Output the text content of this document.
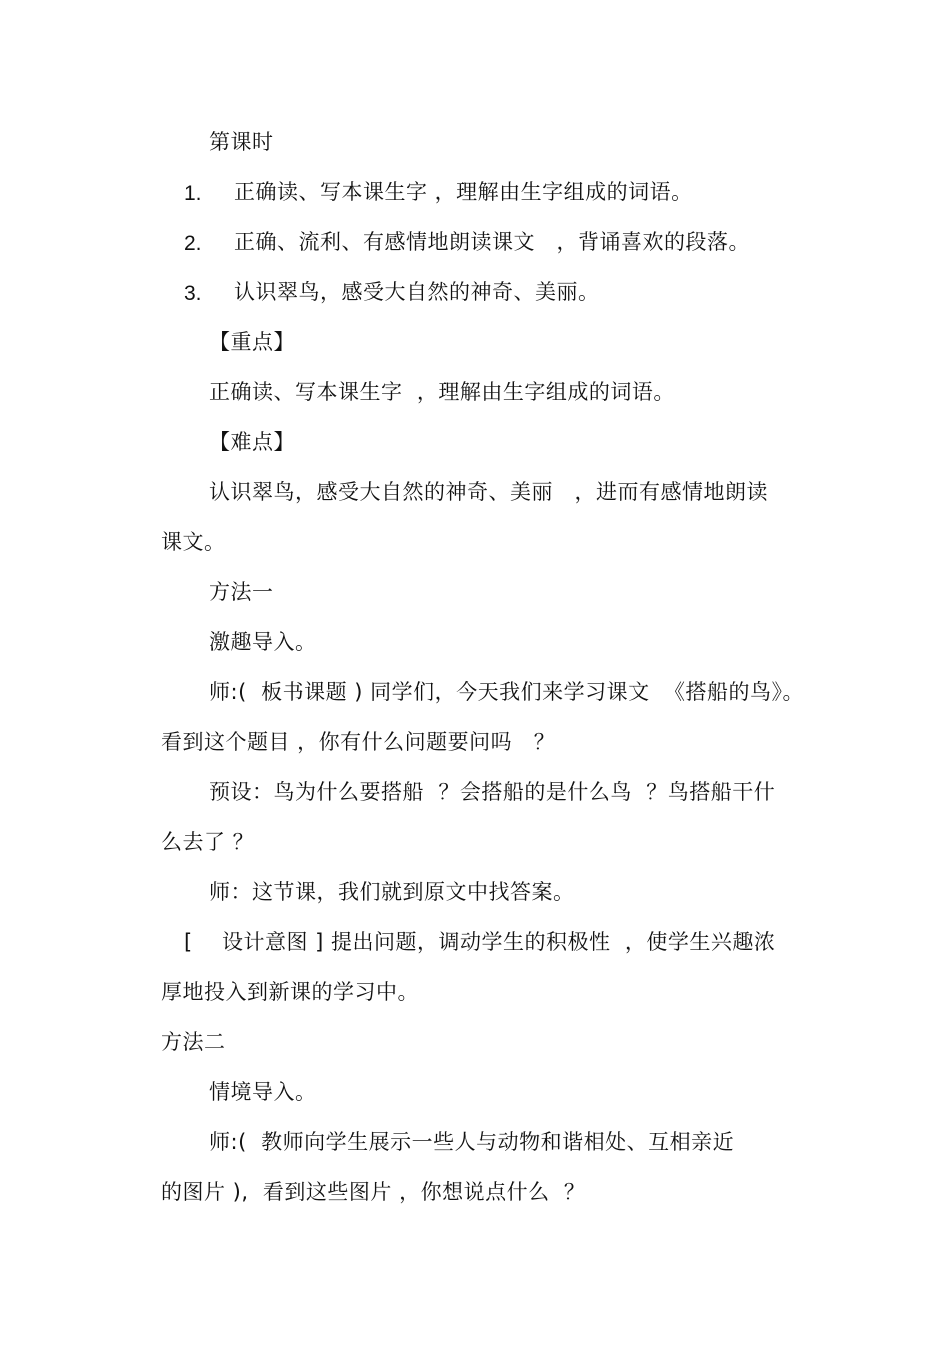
第课时
1. 正确读、写本课生字 ，理解由生字组成的词语。
2. 正确、流利、有感情地朗读课文   ，背诵喜欢的段落。
3. 认识翠鸟，感受大自然的神奇、美丽。
【重点】
正确读、写本课生字  ，理解由生字组成的词语。
【难点】
认识翠鸟，感受大自然的神奇、美丽   ，进而有感情地朗读
课文。
方法一
激趣导入。
师:(  板书课题 ) 同学们，今天我们来学习课文  《搭船的鸟》。
看到这个题目 ，你有什么问题要问吗   ？
预设：鸟为什么要搭船  ？会搭船的是什么鸟  ？鸟搭船干什
么去了 ？
师：这节课，我们就到原文中找答案。
[ 设计意图 ] 提出问题，调动学生的积极性  ，使学生兴趣浓
厚地投入到新课的学习中。
方法二
情境导入。
师:(  教师向学生展示一些人与动物和谐相处、互相亲近
的图片 ),  看到这些图片 ，你想说点什么  ？
